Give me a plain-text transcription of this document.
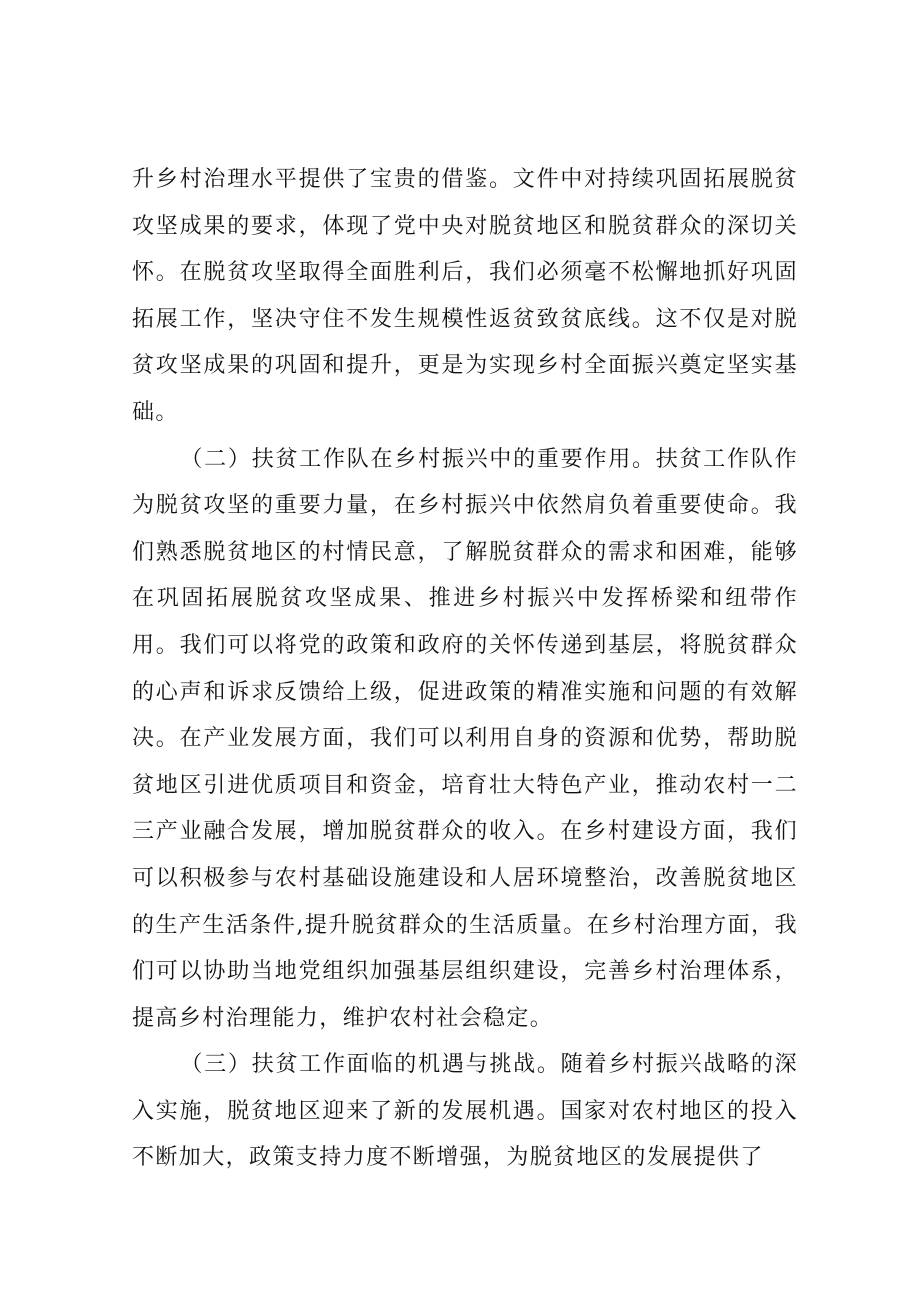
升乡村治理水平提供了宝贵的借鉴。文件中对持续巩固拓展脱贫攻坚成果的要求，体现了党中央对脱贫地区和脱贫群众的深切关怀。在脱贫攻坚取得全面胜利后，我们必须毫不松懈地抓好巩固拓展工作，坚决守住不发生规模性返贫致贫底线。这不仅是对脱贫攻坚成果的巩固和提升，更是为实现乡村全面振兴奠定坚实基础。

（二）扶贫工作队在乡村振兴中的重要作用。扶贫工作队作为脱贫攻坚的重要力量，在乡村振兴中依然肩负着重要使命。我们熟悉脱贫地区的村情民意，了解脱贫群众的需求和困难，能够在巩固拓展脱贫攻坚成果、推进乡村振兴中发挥桥梁和纽带作用。我们可以将党的政策和政府的关怀传递到基层，将脱贫群众的心声和诉求反馈给上级，促进政策的精准实施和问题的有效解决。在产业发展方面，我们可以利用自身的资源和优势，帮助脱贫地区引进优质项目和资金，培育壮大特色产业，推动农村一二三产业融合发展，增加脱贫群众的收入。在乡村建设方面，我们可以积极参与农村基础设施建设和人居环境整治，改善脱贫地区的生产生活条件,提升脱贫群众的生活质量。在乡村治理方面，我们可以协助当地党组织加强基层组织建设，完善乡村治理体系，提高乡村治理能力，维护农村社会稳定。

（三）扶贫工作面临的机遇与挑战。随着乡村振兴战略的深入实施，脱贫地区迎来了新的发展机遇。国家对农村地区的投入不断加大，政策支持力度不断增强，为脱贫地区的发展提供了
